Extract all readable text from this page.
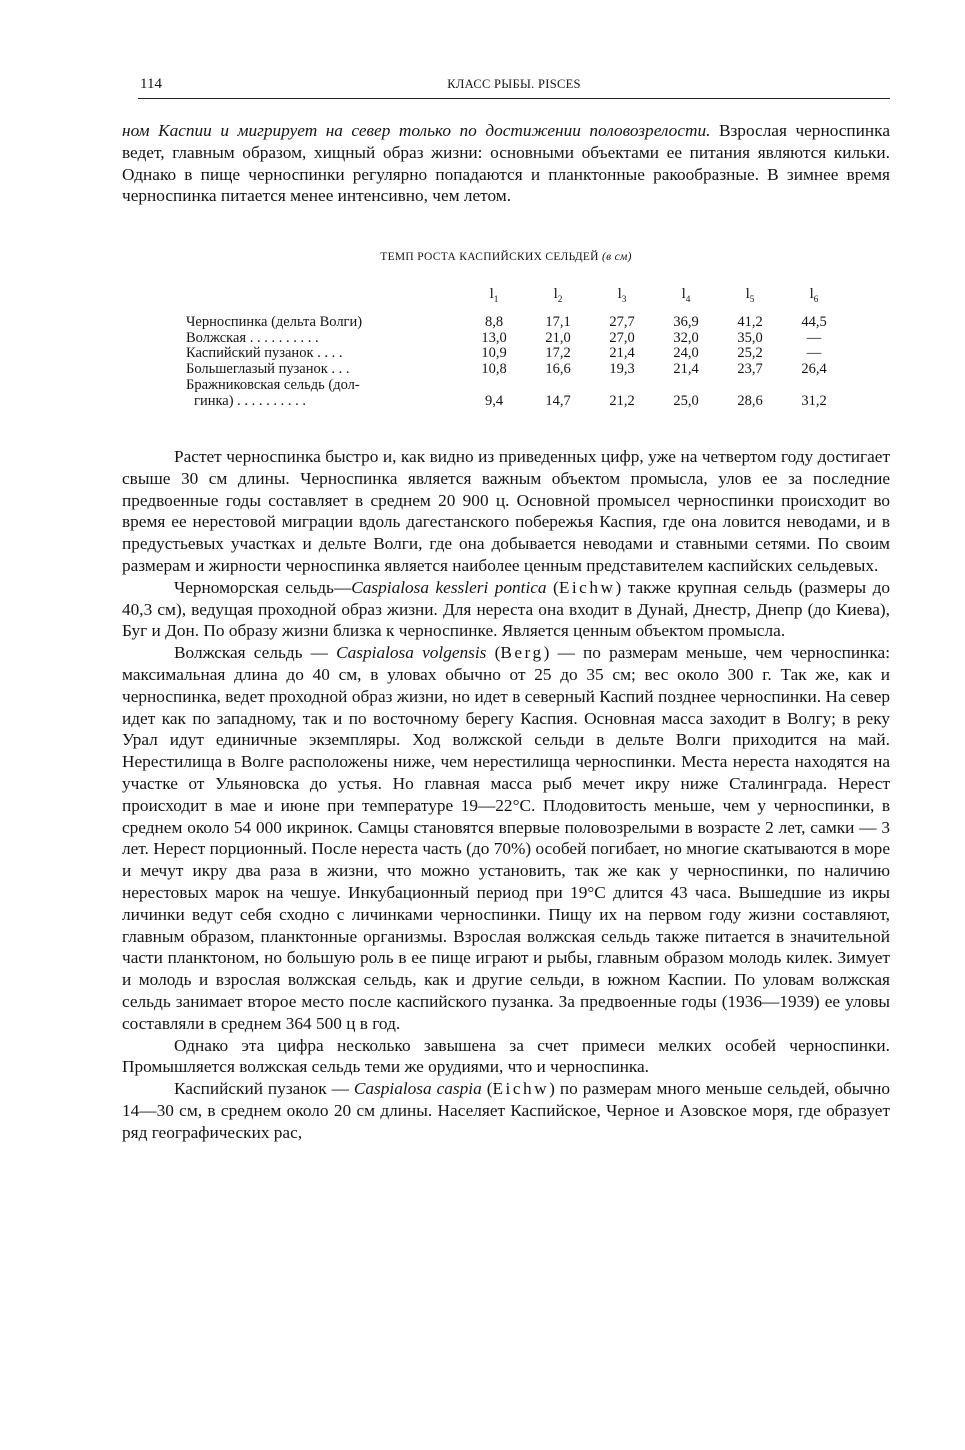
114	КЛАСС РЫБЫ. PISCES

ном Каспии и мигрирует на север только по достижении половозрелости. Взрослая черноспинка ведет, главным образом, хищный образ жизни: основными объектами ее питания являются кильки. Однако в пище черноспинки регулярно попадаются и планктонные ракообразные. В зимнее время черноспинка питается менее интенсивно, чем летом.

ТЕМП РОСТА КАСПИЙСКИХ СЕЛЬДЕЙ (в см)
	$l_1$	$l_2$	$l_3$	$l_4$	$l_5$	$l_6$
Черноспинка (дельта Волги)	8,8	17,1	27,7	36,9	41,2	44,5
Волжская . . . . . . . . . .	13,0	21,0	27,0	32,0	35,0	—
Каспийский пузанок . . . .	10,9	17,2	21,4	24,0	25,2	—
Большеглазый пузанок . . .	10,8	16,6	19,3	21,4	23,7	26,4
Бражниковская сельдь (дол-
гинка) . . . . . . . . . .	9,4	14,7	21,2	25,0	28,6	31,2

Растет черноспинка быстро и, как видно из приведенных цифр, уже на четвертом году достигает свыше 30 см длины. Черноспинка является важным объектом промысла, улов ее за последние предвоенные годы составляет в среднем 20 900 ц. Основной промысел черноспинки происходит во время ее нерестовой миграции вдоль дагестанского побережья Каспия, где она ловится неводами, и в предустьевых участках и дельте Волги, где она добывается неводами и ставными сетями. По своим размерам и жирности черноспинка является наиболее ценным представителем каспийских сельдевых.

Черноморская сельдь—Caspialosa kessleri pontica (Eichw) также крупная сельдь (размеры до 40,3 см), ведущая проходной образ жизни. Для нереста она входит в Дунай, Днестр, Днепр (до Киева), Буг и Дон. По образу жизни близка к черноспинке. Является ценным объектом промысла.

Волжская сельдь — Caspialosa volgensis (Berg) — по размерам меньше, чем черноспинка: максимальная длина до 40 см, в уловах обычно от 25 до 35 см; вес около 300 г. Так же, как и черноспинка, ведет проходной образ жизни, но идет в северный Каспий позднее черноспинки. На север идет как по западному, так и по восточному берегу Каспия. Основная масса заходит в Волгу; в реку Урал идут единичные экземпляры. Ход волжской сельди в дельте Волги приходится на май. Нерестилища в Волге расположены ниже, чем нерестилища черноспинки. Места нереста находятся на участке от Ульяновска до устья. Но главная масса рыб мечет икру ниже Сталинграда. Нерест происходит в мае и июне при температуре 19—22°С. Плодовитость меньше, чем у черноспинки, в среднем около 54 000 икринок. Самцы становятся впервые половозрелыми в возрасте 2 лет, самки — 3 лет. Нерест порционный. После нереста часть (до 70%) особей погибает, но многие скатываются в море и мечут икру два раза в жизни, что можно установить, так же как у черноспинки, по наличию нерестовых марок на чешуе. Инкубационный период при 19°С длится 43 часа. Вышедшие из икры личинки ведут себя сходно с личинками черноспинки. Пищу их на первом году жизни составляют, главным образом, планктонные организмы. Взрослая волжская сельдь также питается в значительной части планктоном, но большую роль в ее пище играют и рыбы, главным образом молодь килек. Зимует и молодь и взрослая волжская сельдь, как и другие сельди, в южном Каспии. По уловам волжская сельдь занимает второе место после каспийского пузанка. За предвоенные годы (1936—1939) ее уловы составляли в среднем 364 500 ц в год.

Однако эта цифра несколько завышена за счет примеси мелких особей черноспинки. Промышляется волжская сельдь теми же орудиями, что и черноспинка.

Каспийский пузанок — Caspialosa caspia (Eichw) по размерам много меньше сельдей, обычно 14—30 см, в среднем около 20 см длины. Населяет Каспийское, Черное и Азовское моря, где образует ряд географических рас,
